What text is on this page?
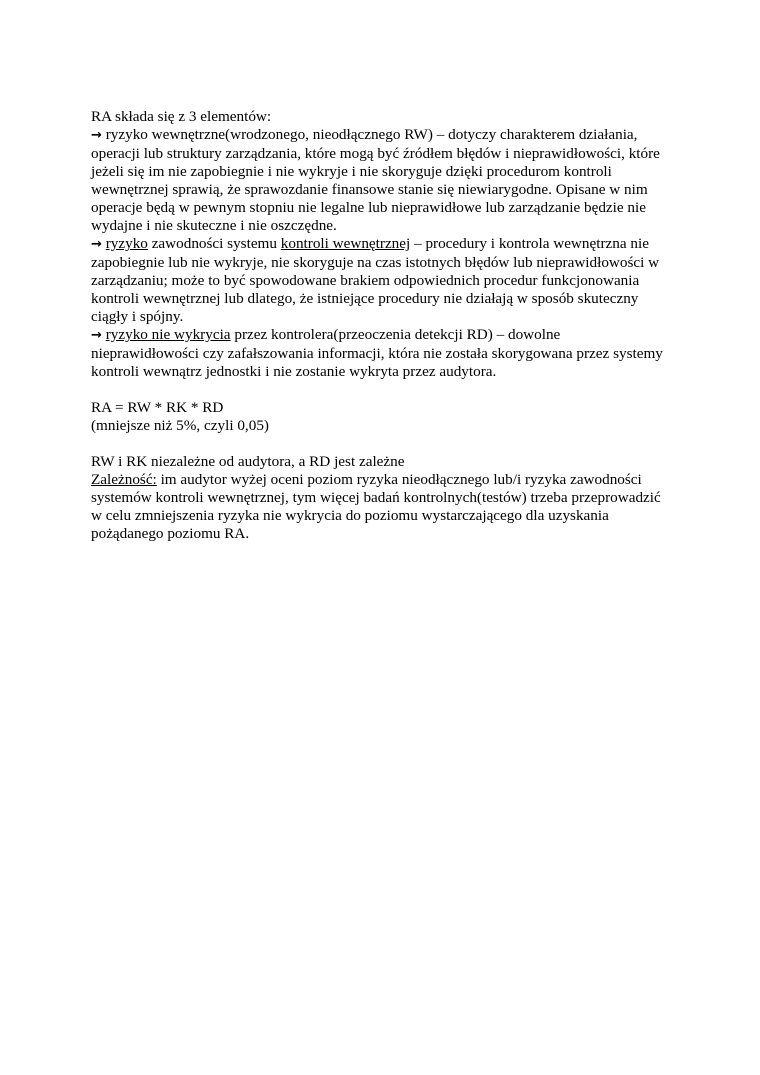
RA składa się z 3 elementów:

→ ryzyko wewnętrzne(wrodzonego, nieodłącznego RW) – dotyczy charakterem działania, operacji lub struktury zarządzania, które mogą być źródłem błędów i nieprawidłowości, które jeżeli się im nie zapobiegnie i nie wykryje i nie skoryguje dzięki procedurom kontroli wewnętrznej sprawią, że sprawozdanie finansowe stanie się niewiarygodne. Opisane w nim operacje będą w pewnym stopniu nie legalne lub nieprawidłowe lub zarządzanie będzie nie wydajne i nie skuteczne i nie oszczędne.

→ ryzyko zawodności systemu kontroli wewnętrznej – procedury i kontrola wewnętrzna nie zapobiegnie lub nie wykryje, nie skoryguje na czas istotnych błędów lub nieprawidłowości w zarządzaniu; może to być spowodowane brakiem odpowiednich procedur funkcjonowania kontroli wewnętrznej lub dlatego, że istniejące procedury nie działają w sposób skuteczny ciągły i spójny.

→ ryzyko nie wykrycia przez kontrolera(przeoczenia detekcji RD) – dowolne nieprawidłowości czy zafałszowania informacji, która nie została skorygowana przez systemy kontroli wewnątrz jednostki i nie zostanie wykryta przez audytora.

RA = RW * RK * RD

(mniejsze niż 5%, czyli 0,05)

RW i RK niezależne od audytora, a RD jest zależne

Zależność: im audytor wyżej oceni poziom ryzyka nieodłącznego lub/i ryzyka zawodności systemów kontroli wewnętrznej, tym więcej badań kontrolnych(testów) trzeba przeprowadzić w celu zmniejszenia ryzyka nie wykrycia do poziomu wystarczającego dla uzyskania pożądanego poziomu RA.
